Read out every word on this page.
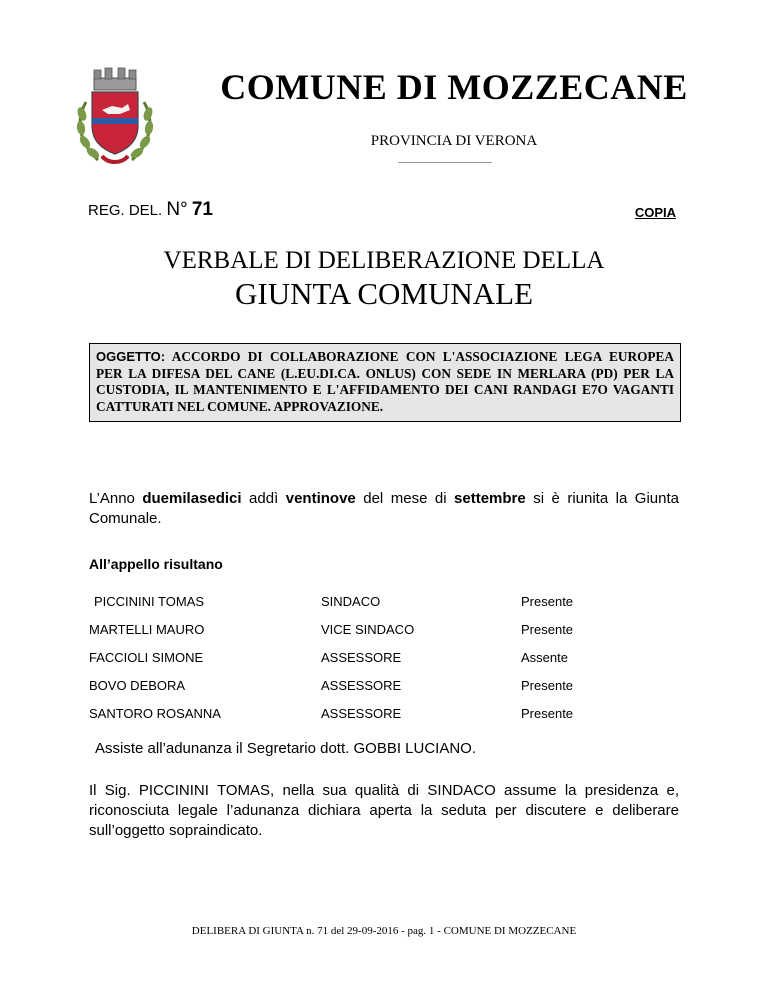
COMUNE DI MOZZECANE
PROVINCIA DI VERONA
REG. DEL. N° 71	COPIA
VERBALE DI DELIBERAZIONE DELLA
GIUNTA COMUNALE
OGGETTO: ACCORDO DI COLLABORAZIONE CON L'ASSOCIAZIONE LEGA EUROPEA PER LA DIFESA DEL CANE (L.EU.DI.CA. ONLUS) CON SEDE IN MERLARA (PD) PER LA CUSTODIA, IL MANTENIMENTO E L'AFFIDAMENTO DEI CANI RANDAGI E7O VAGANTI CATTURATI NEL COMUNE. APPROVAZIONE.
L’Anno duemilasedici addì ventinove del mese di settembre si è riunita la Giunta Comunale.
All’appello risultano
PICCININI TOMAS	SINDACO	Presente
MARTELLI MAURO	VICE SINDACO	Presente
FACCIOLI SIMONE	ASSESSORE	Assente
BOVO DEBORA	ASSESSORE	Presente
SANTORO ROSANNA	ASSESSORE	Presente
Assiste all’adunanza il Segretario dott. GOBBI LUCIANO.
Il Sig. PICCININI TOMAS, nella sua qualità di SINDACO assume la presidenza e, riconosciuta legale l’adunanza dichiara aperta la seduta per discutere e deliberare sull’oggetto sopraindicato.
DELIBERA DI GIUNTA n. 71 del 29-09-2016 - pag. 1 - COMUNE DI MOZZECANE
